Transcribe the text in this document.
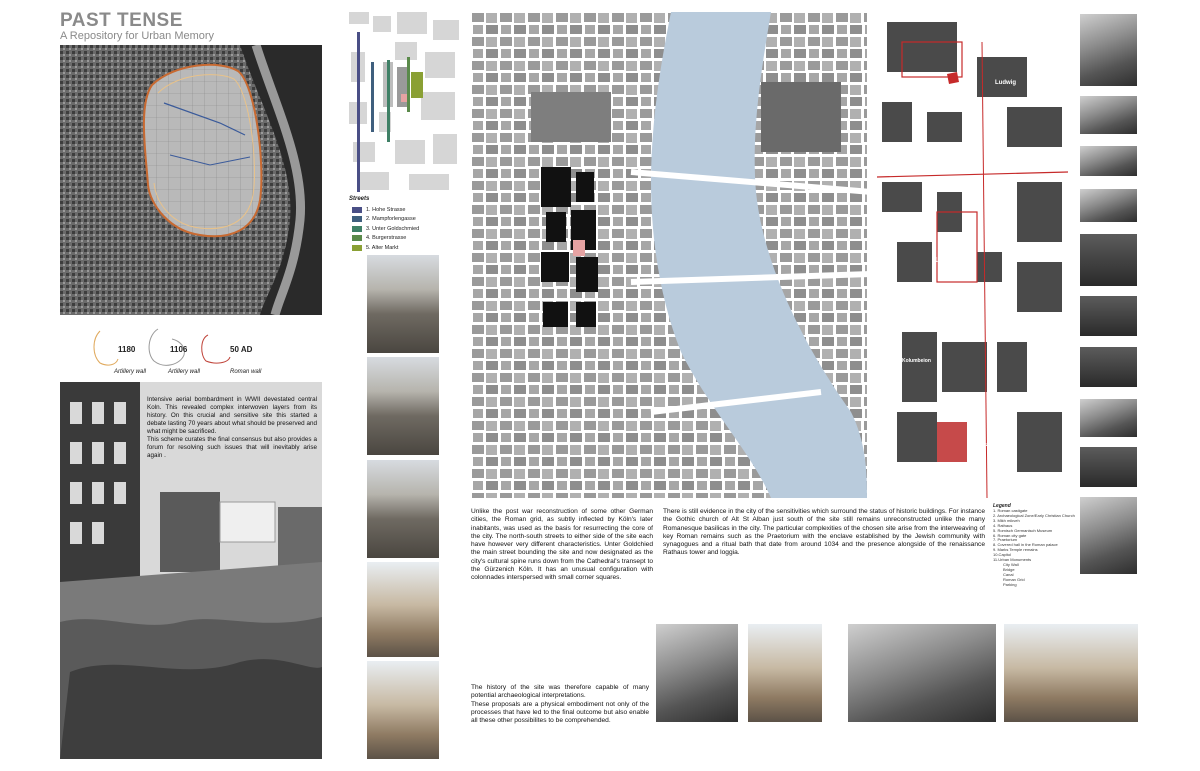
PAST TENSE
A Repository for Urban Memory
1180	1106	50 AD
Artillery wall	Artillery wall	Roman wall
Intensive aerial bombardment in WWII devestated central Koln. This revealed complex interwoven layers from its history. On this crucial and sensitive site this started a debate lasting 70 years about what should be preserved and what might be sacrificed.
This scheme curates the final consensus but also provides a forum for resolving such issues that will inevitably arise again .
Streets
1. Hohe Strasse
2. Mampforlengasse
3. Unter Goldschmied
4. Burgerstrasse
5. Alter Markt
Ludwig
Philharmonie
RGM
Praetorium
Jüd.
Rathaus
KG Gürz.
Kolumbeion
Gürzenich
Legend
1. Roman castigate
2. Archaeological Zone/Early Christian Church
3. Mikh mikveh
4. Rathaus
5. Romisch Germanisch Museum
6. Roman city gate
7. Praetorium
8. Covered hall in the Roman palace
9. Marks Temple remains
10.Capitol
11.Urban Monuments
City Wall
Bridge
Canal
Roman Grid
Parking
Unlike the post war reconstruction of some other German cities, the Roman grid, as subtly inflected by Köln's later inabitants, was used as the basis for resurrecting the core of the city. The north-south streets to either side of the site each have however very different characteristics. Unter Goldchied the main street bounding the site and now designated as the city's cultural spine runs down from the Cathedral's transept to the Gürzenich Köln. It has an unusual configuration with colonnades interspersed with small corner squares.
There is still evidence in the city of the sensitivities which surround the status of historic buildings. For instance the Gothic church of Alt St Alban just south of the site still remains unreconstructed unlike the many Romanesque basilicas in the city. The particular complexities of the chosen site arise from the interweaving of key Roman remains such as the Praetorium with the enclave established by the Jewish community with synagogues and a ritual bath that date from around 1034 and the presence alongside of the renaissance Rathaus tower and loggia.
The history of the site was therefore capable of many potential archaeological interpretations.
These proposals are a physical embodiment not only of the processes that have led to the final outcome but also enable all these other possibilites to be comprehended.
